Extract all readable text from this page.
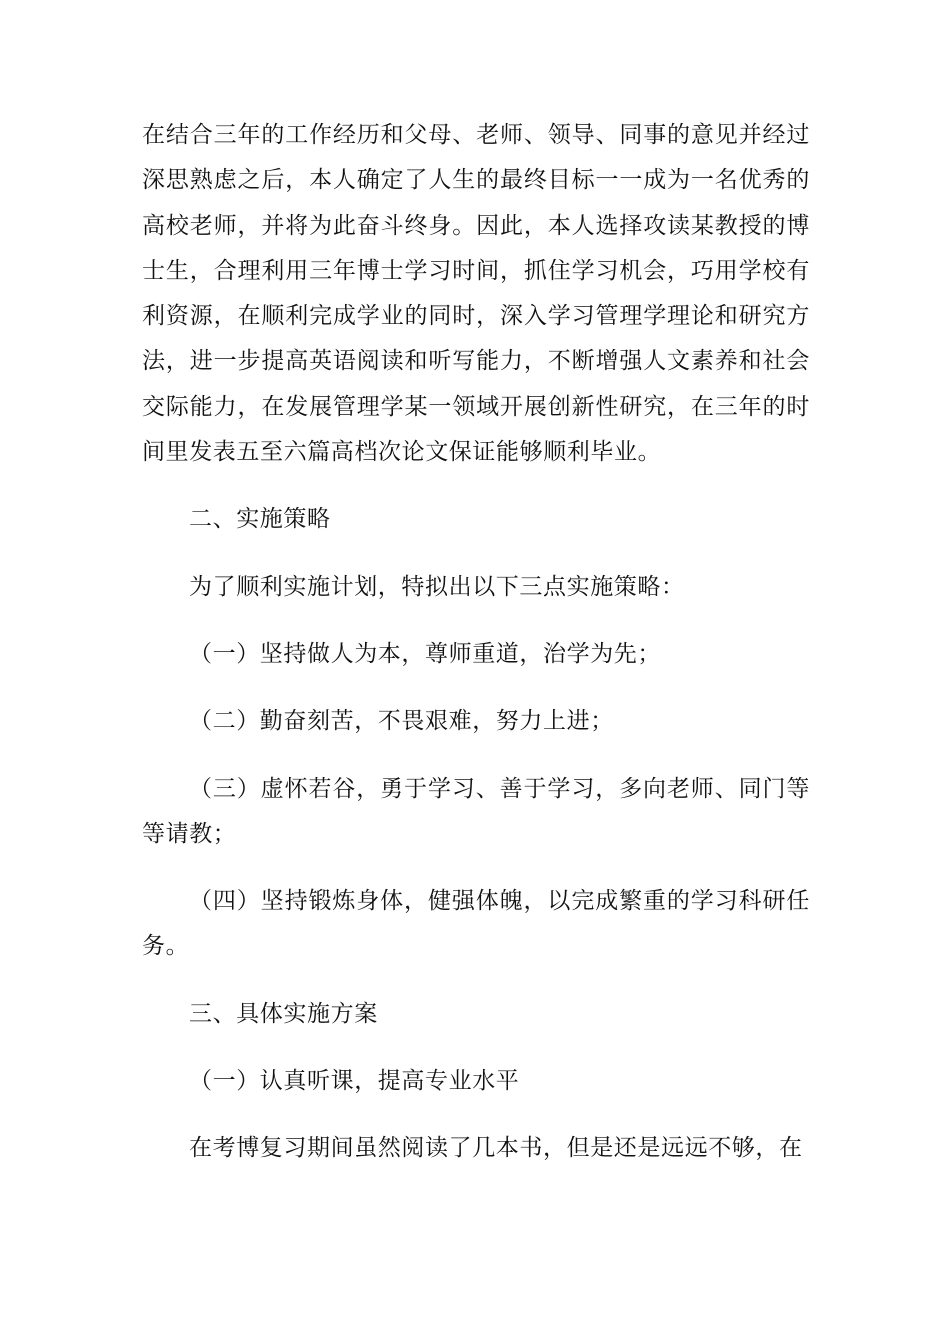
在结合三年的工作经历和父母、老师、领导、同事的意见并经过深思熟虑之后，本人确定了人生的最终目标一一成为一名优秀的高校老师，并将为此奋斗终身。因此，本人选择攻读某教授的博士生，合理利用三年博士学习时间，抓住学习机会，巧用学校有利资源，在顺利完成学业的同时，深入学习管理学理论和研究方法，进一步提高英语阅读和听写能力，不断增强人文素养和社会交际能力，在发展管理学某一领域开展创新性研究，在三年的时间里发表五至六篇高档次论文保证能够顺利毕业。

二、实施策略

为了顺利实施计划，特拟出以下三点实施策略：

（一）坚持做人为本，尊师重道，治学为先；

（二）勤奋刻苦，不畏艰难，努力上进；

（三）虚怀若谷，勇于学习、善于学习，多向老师、同门等等请教；

（四）坚持锻炼身体，健强体魄，以完成繁重的学习科研任务。

三、具体实施方案

（一）认真听课，提高专业水平

在考博复习期间虽然阅读了几本书，但是还是远远不够，在
